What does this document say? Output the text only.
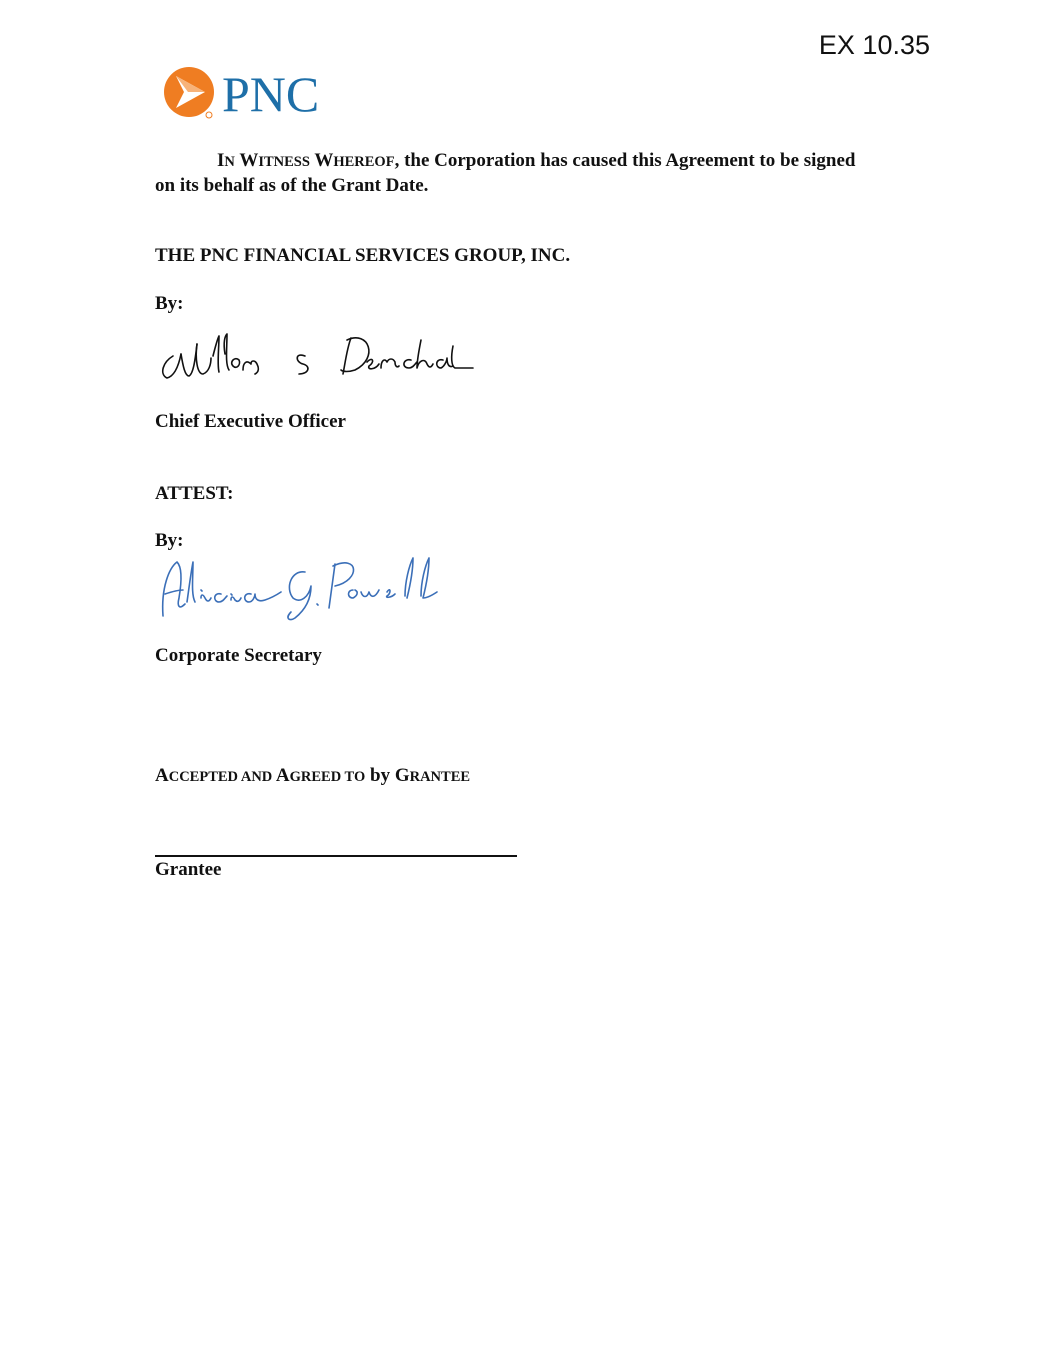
EX 10.35
PNC
IN WITNESS WHEREOF, the Corporation has caused this Agreement to be signed on its behalf as of the Grant Date.
THE PNC FINANCIAL SERVICES GROUP, INC.
By:
Chief Executive Officer
ATTEST:
By:
Corporate Secretary
ACCEPTED AND AGREED TO by GRANTEE
Grantee
